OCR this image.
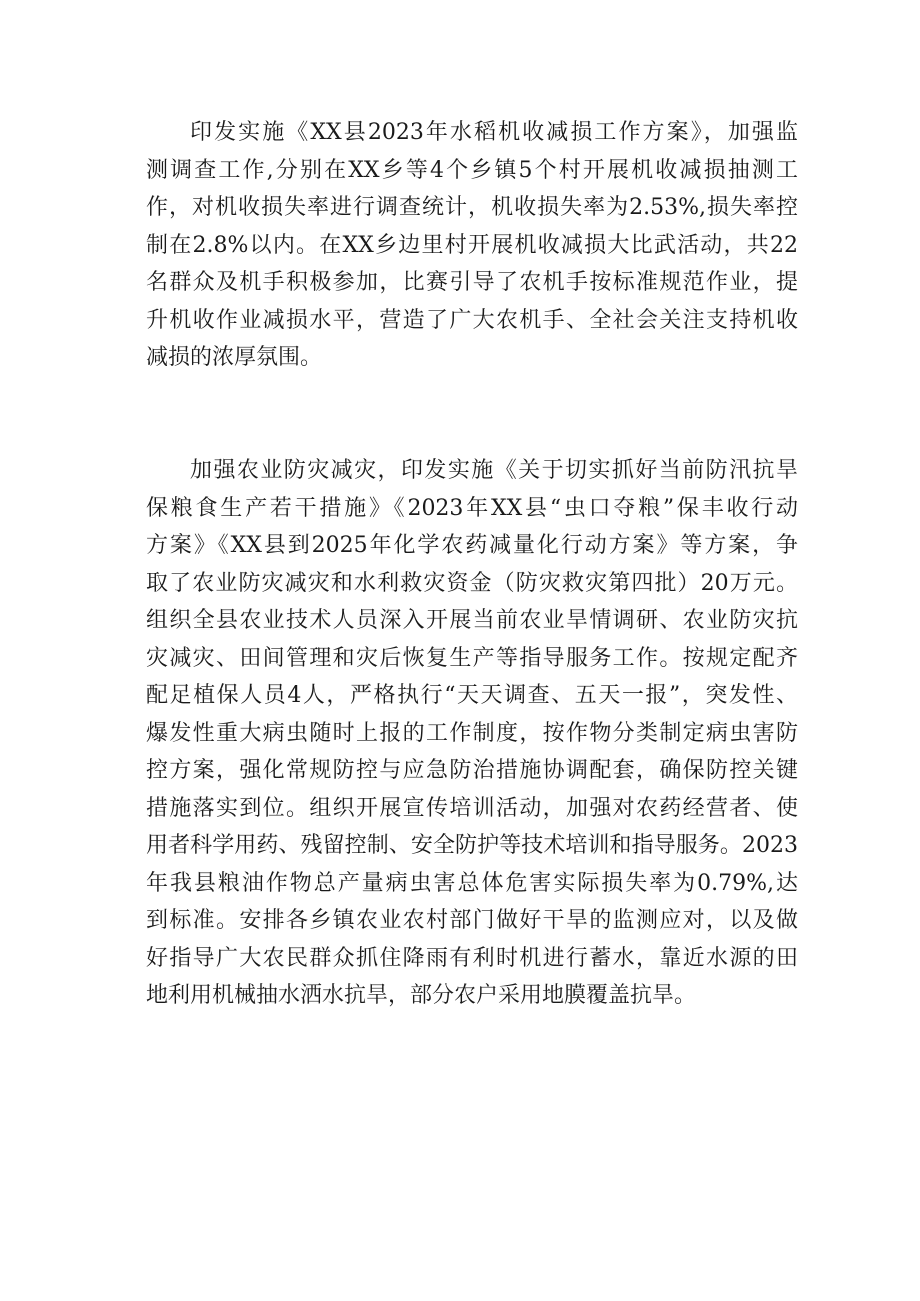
印发实施《XX县2023年水稻机收减损工作方案》，加强监
测调查工作,分别在XX乡等4个乡镇5个村开展机收减损抽测工
作，对机收损失率进行调查统计，机收损失率为2.53%,损失率控
制在2.8%以内。在XX乡边里村开展机收减损大比武活动，共22
名群众及机手积极参加，比赛引导了农机手按标准规范作业，提
升机收作业减损水平，营造了广大农机手、全社会关注支持机收
减损的浓厚氛围。
加强农业防灾减灾，印发实施《关于切实抓好当前防汛抗旱
保粮食生产若干措施》《2023年XX县“虫口夺粮”保丰收行动
方案》《XX县到2025年化学农药减量化行动方案》等方案，争
取了农业防灾减灾和水利救灾资金（防灾救灾第四批）20万元。
组织全县农业技术人员深入开展当前农业旱情调研、农业防灾抗
灾减灾、田间管理和灾后恢复生产等指导服务工作。按规定配齐
配足植保人员4人，严格执行“天天调查、五天一报”，突发性、
爆发性重大病虫随时上报的工作制度，按作物分类制定病虫害防
控方案，强化常规防控与应急防治措施协调配套，确保防控关键
措施落实到位。组织开展宣传培训活动，加强对农药经营者、使
用者科学用药、残留控制、安全防护等技术培训和指导服务。2023
年我县粮油作物总产量病虫害总体危害实际损失率为0.79%,达
到标准。安排各乡镇农业农村部门做好干旱的监测应对，以及做
好指导广大农民群众抓住降雨有利时机进行蓄水，靠近水源的田
地利用机械抽水洒水抗旱，部分农户采用地膜覆盖抗旱。
